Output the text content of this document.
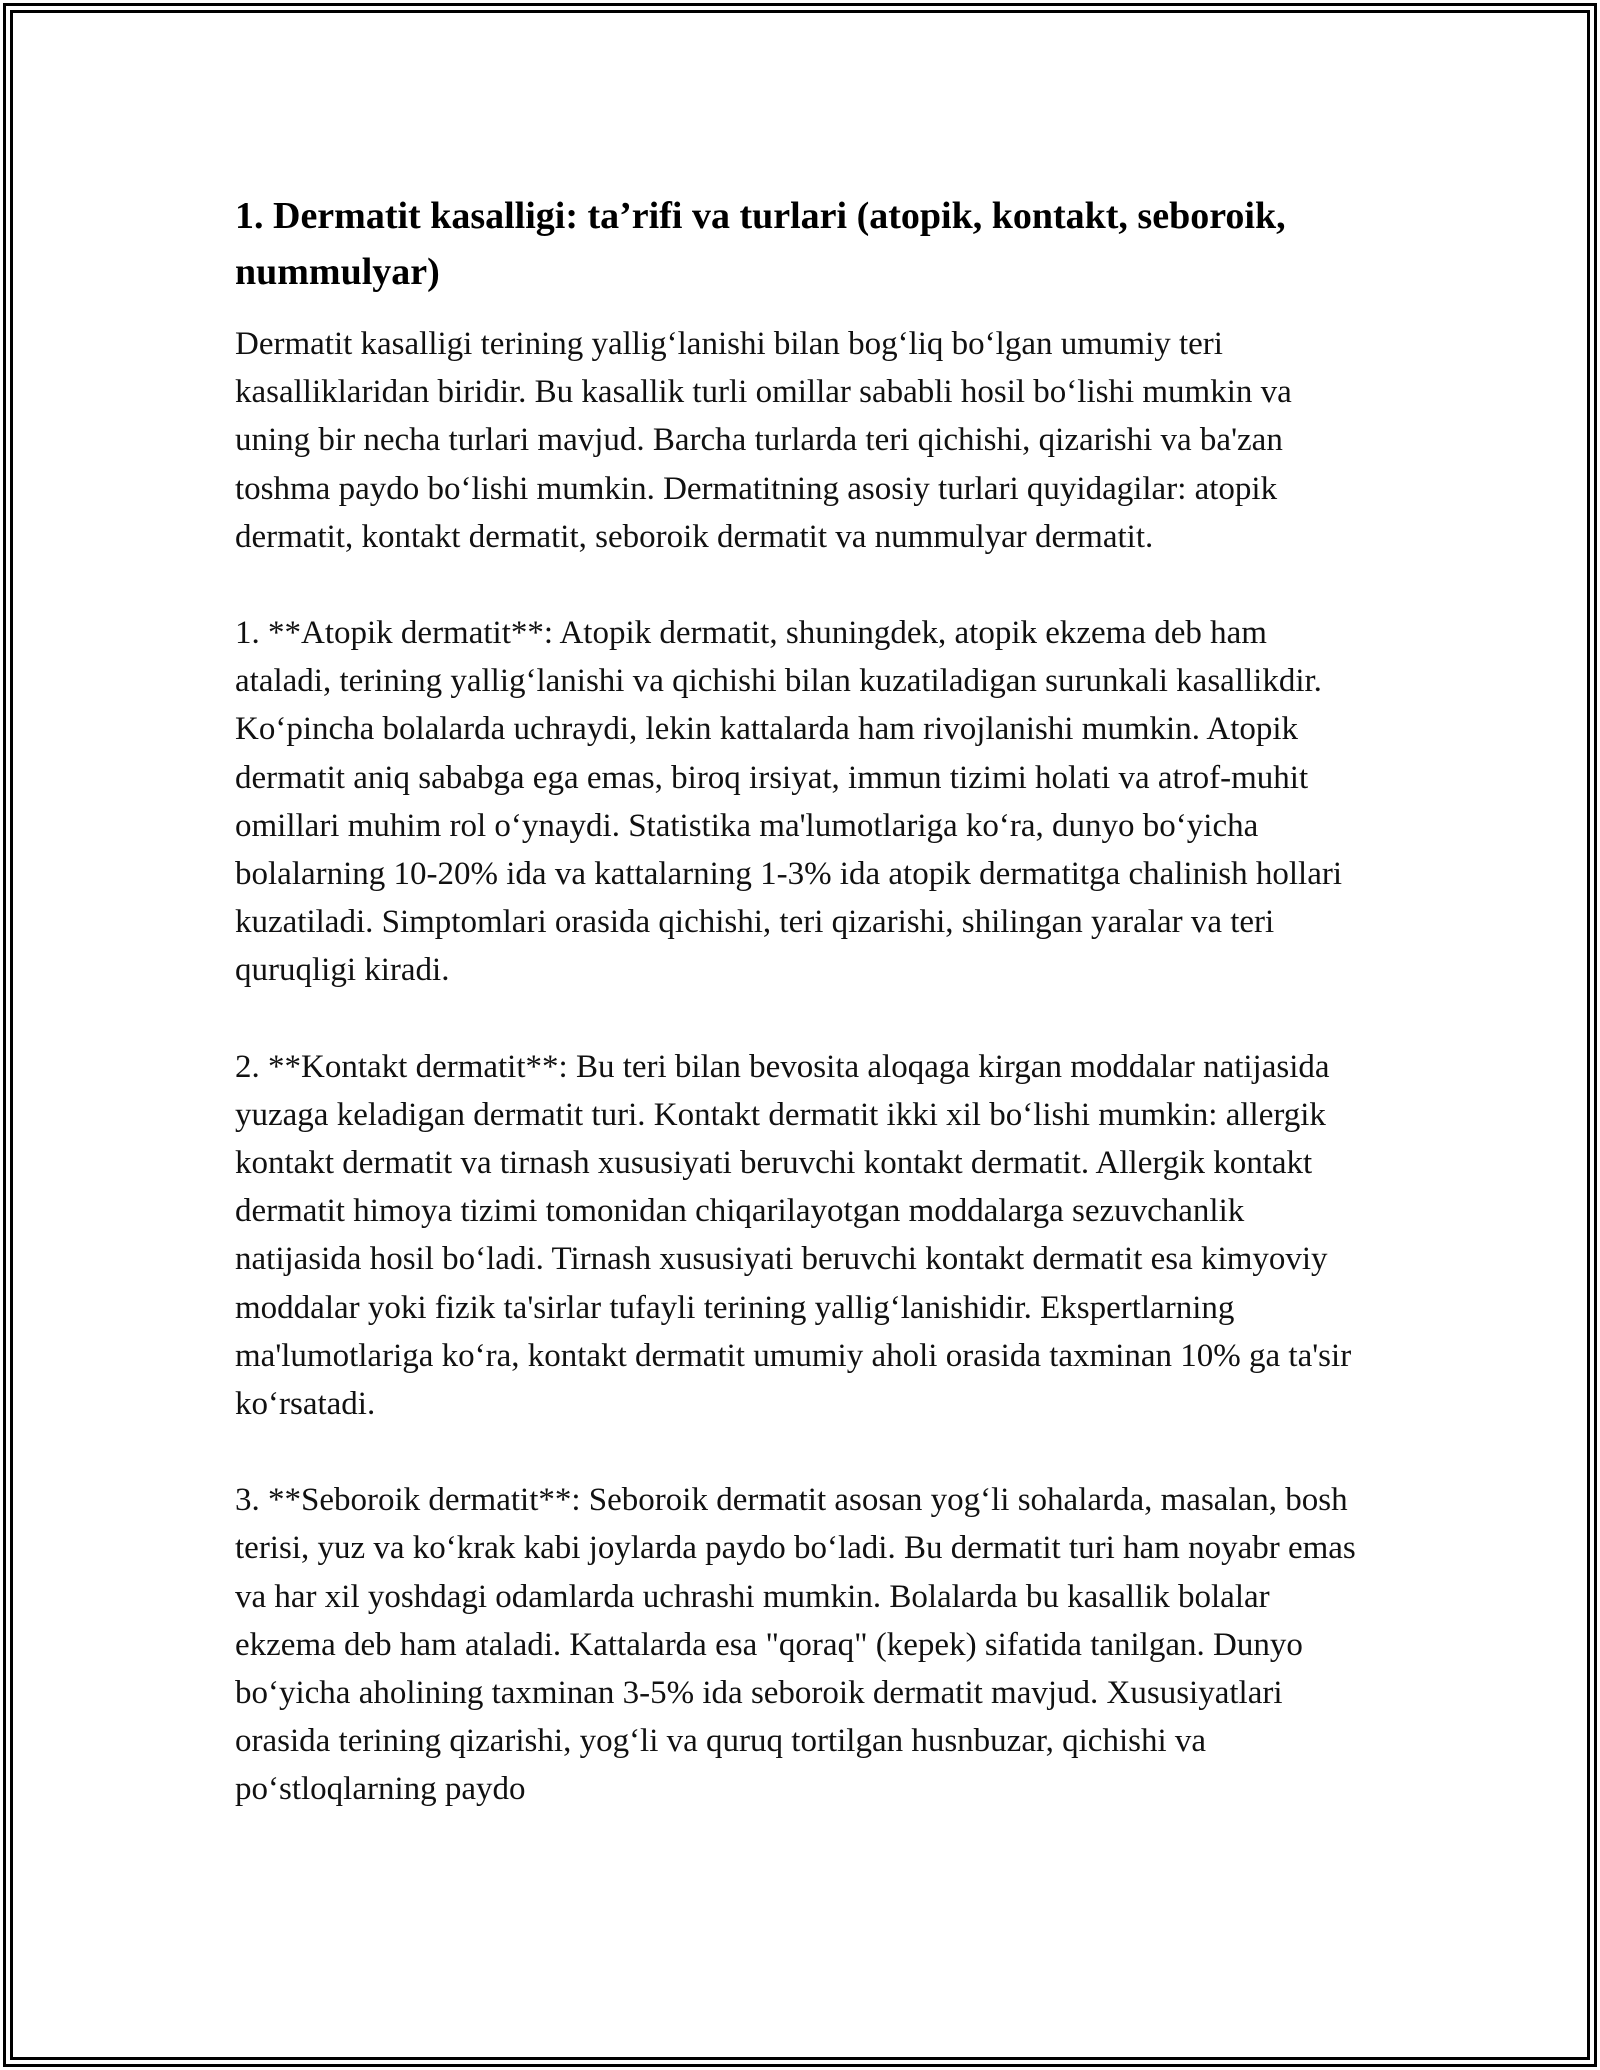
1. Dermatit kasalligi: ta’rifi va turlari (atopik, kontakt, seboroik, nummulyar)

Dermatit kasalligi terining yallig‘lanishi bilan bog‘liq bo‘lgan umumiy teri kasalliklaridan biridir. Bu kasallik turli omillar sababli hosil bo‘lishi mumkin va uning bir necha turlari mavjud. Barcha turlarda teri qichishi, qizarishi va ba'zan toshma paydo bo‘lishi mumkin. Dermatitning asosiy turlari quyidagilar: atopik dermatit, kontakt dermatit, seboroik dermatit va nummulyar dermatit.

1. **Atopik dermatit**: Atopik dermatit, shuningdek, atopik ekzema deb ham ataladi, terining yallig‘lanishi va qichishi bilan kuzatiladigan surunkali kasallikdir. Ko‘pincha bolalarda uchraydi, lekin kattalarda ham rivojlanishi mumkin. Atopik dermatit aniq sababga ega emas, biroq irsiyat, immun tizimi holati va atrof-muhit omillari muhim rol o‘ynaydi. Statistika ma'lumotlariga ko‘ra, dunyo bo‘yicha bolalarning 10-20% ida va kattalarning 1-3% ida atopik dermatitga chalinish hollari kuzatiladi. Simptomlari orasida qichishi, teri qizarishi, shilingan yaralar va teri quruqligi kiradi.

2. **Kontakt dermatit**: Bu teri bilan bevosita aloqaga kirgan moddalar natijasida yuzaga keladigan dermatit turi. Kontakt dermatit ikki xil bo‘lishi mumkin: allergik kontakt dermatit va tirnash xususiyati beruvchi kontakt dermatit. Allergik kontakt dermatit himoya tizimi tomonidan chiqarilayotgan moddalarga sezuvchanlik natijasida hosil bo‘ladi. Tirnash xususiyati beruvchi kontakt dermatit esa kimyoviy moddalar yoki fizik ta'sirlar tufayli terining yallig‘lanishidir. Ekspertlarning ma'lumotlariga ko‘ra, kontakt dermatit umumiy aholi orasida taxminan 10% ga ta'sir ko‘rsatadi.

3. **Seboroik dermatit**: Seboroik dermatit asosan yog‘li sohalarda, masalan, bosh terisi, yuz va ko‘krak kabi joylarda paydo bo‘ladi. Bu dermatit turi ham noyabr emas va har xil yoshdagi odamlarda uchrashi mumkin. Bolalarda bu kasallik bolalar ekzema deb ham ataladi. Kattalarda esa "qoraq" (kepek) sifatida tanilgan. Dunyo bo‘yicha aholining taxminan 3-5% ida seboroik dermatit mavjud. Xususiyatlari orasida terining qizarishi, yog‘li va quruq tortilgan husnbuzar, qichishi va po‘stloqlarning paydo
